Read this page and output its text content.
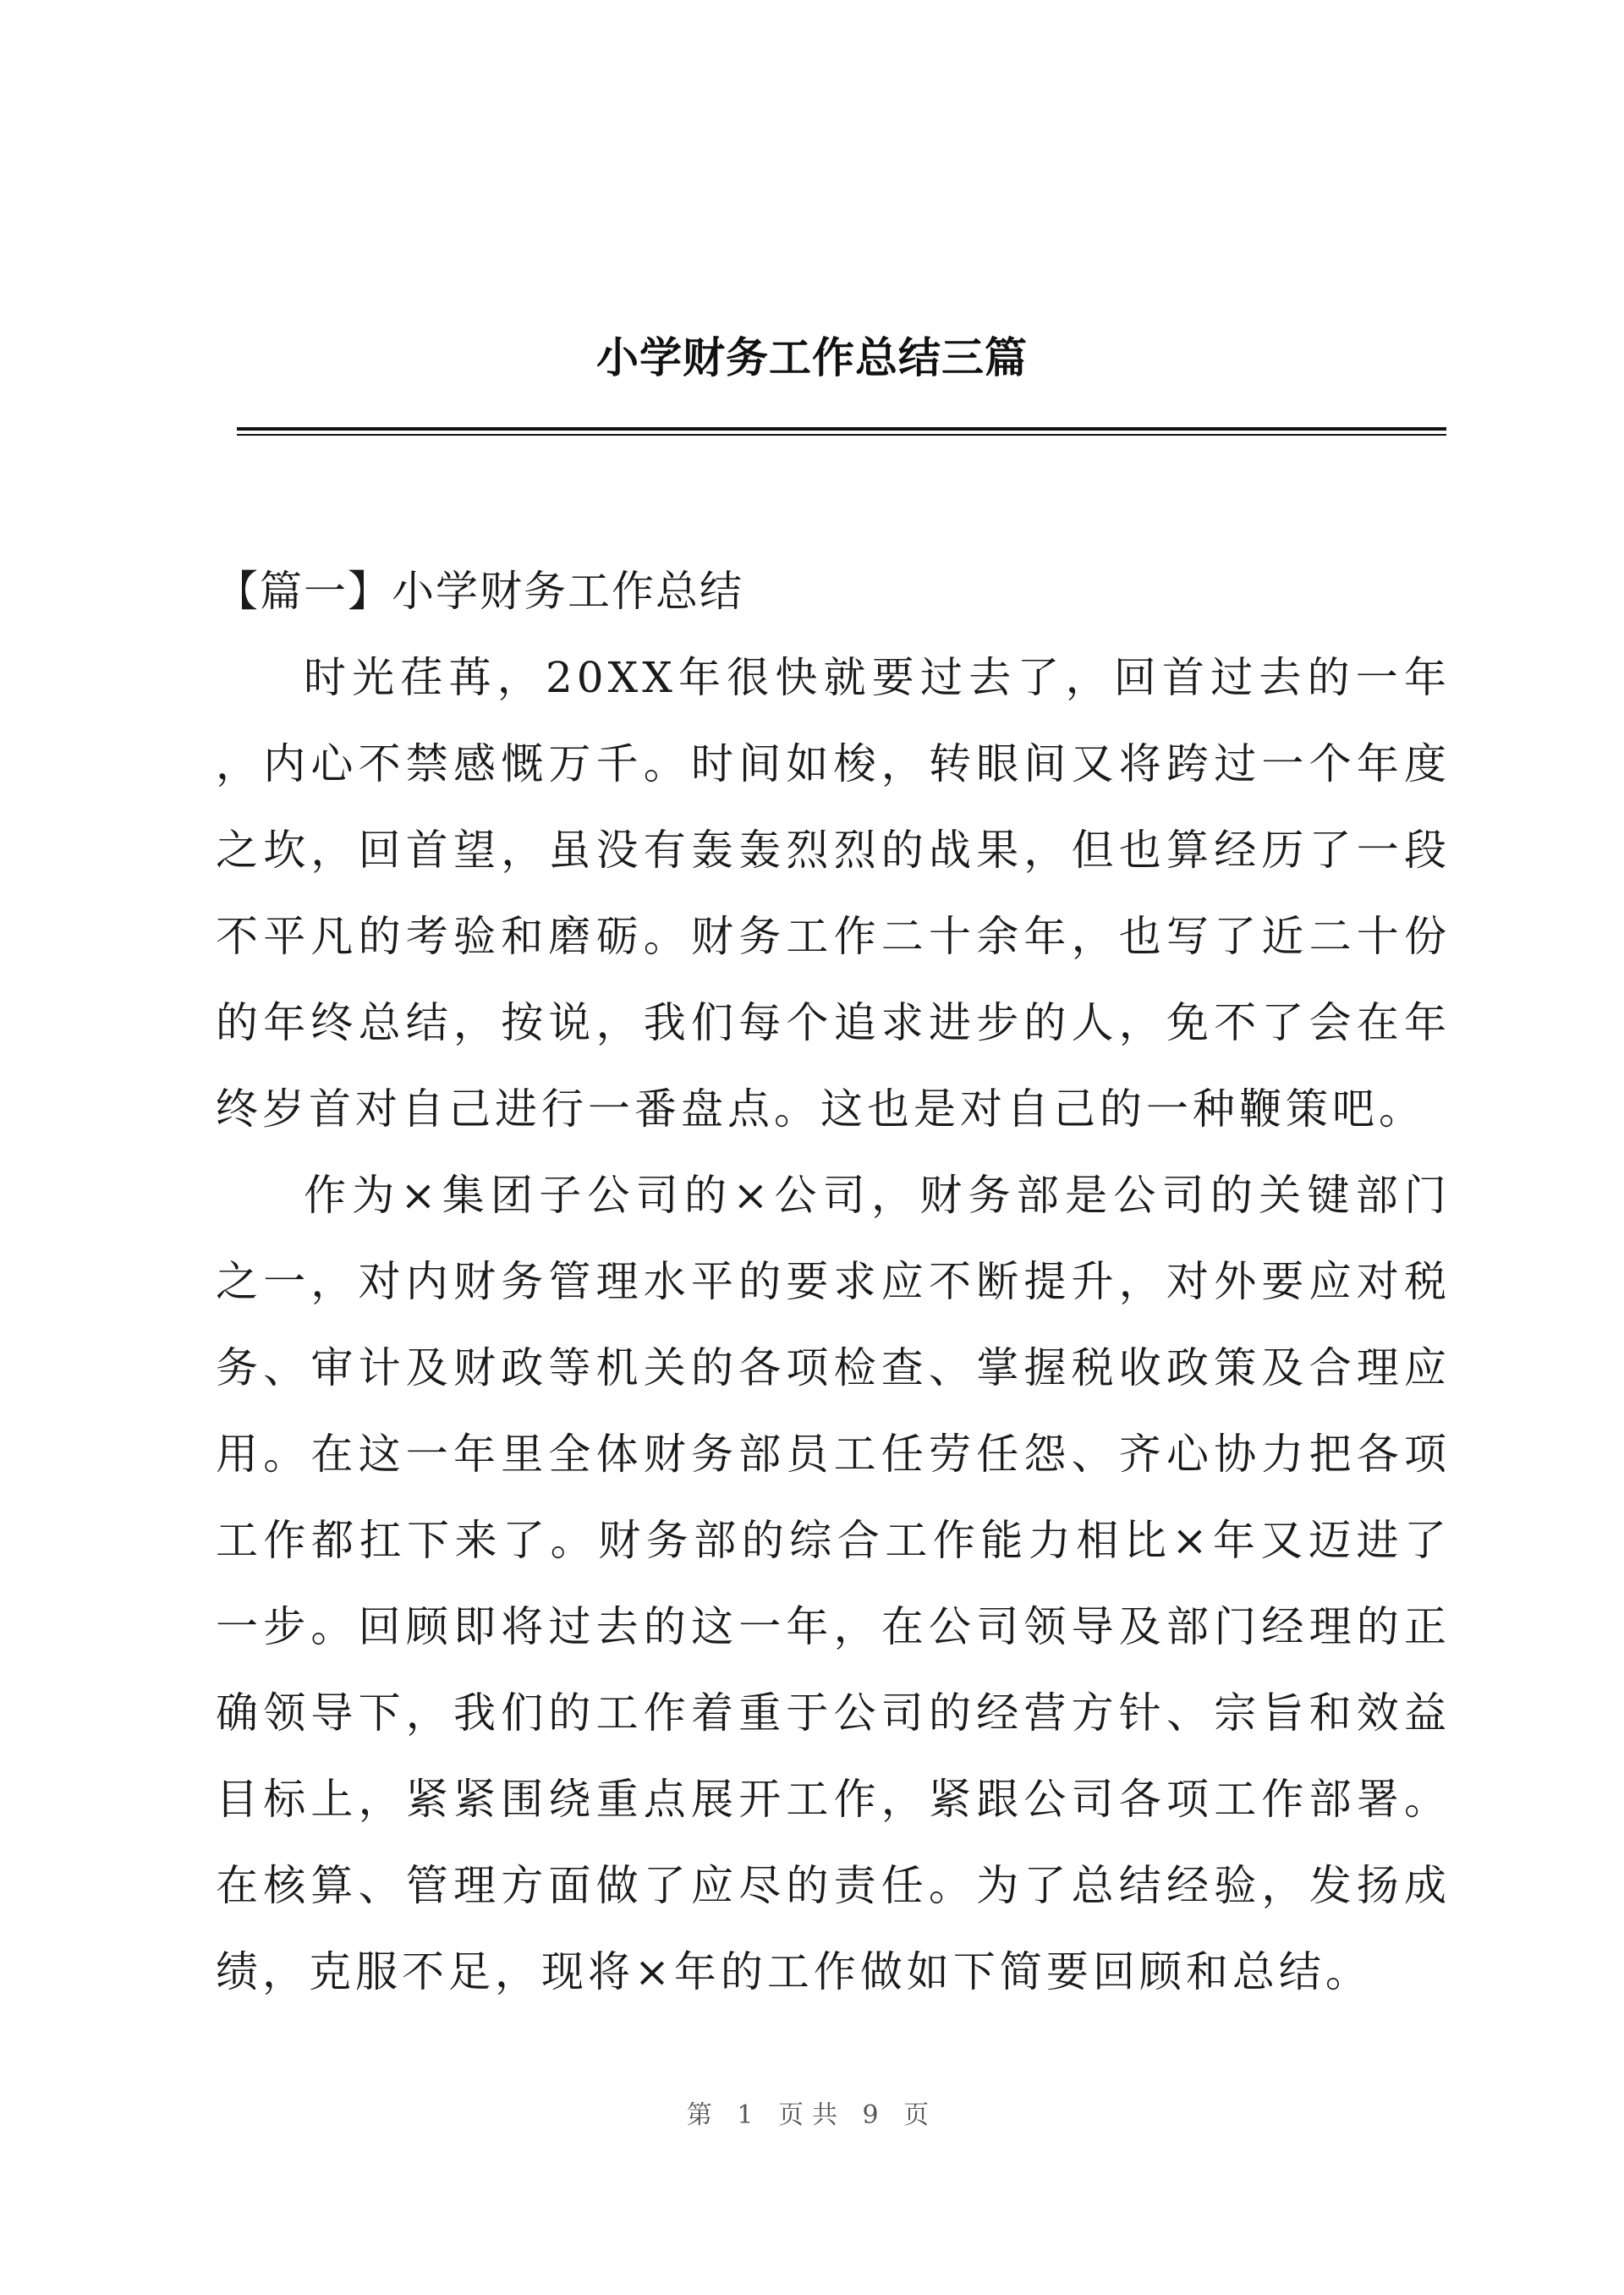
小学财务工作总结三篇

【篇一】小学财务工作总结

时光荏苒，20XX年很快就要过去了，回首过去的一年，内心不禁感慨万千。时间如梭，转眼间又将跨过一个年度之坎，回首望，虽没有轰轰烈烈的战果，但也算经历了一段不平凡的考验和磨砺。财务工作二十余年，也写了近二十份的年终总结，按说，我们每个追求进步的人，免不了会在年终岁首对自己进行一番盘点。这也是对自己的一种鞭策吧。

作为×集团子公司的×公司，财务部是公司的关键部门之一，对内财务管理水平的要求应不断提升，对外要应对税务、审计及财政等机关的各项检查、掌握税收政策及合理应用。在这一年里全体财务部员工任劳任怨、齐心协力把各项工作都扛下来了。财务部的综合工作能力相比×年又迈进了一步。回顾即将过去的这一年，在公司领导及部门经理的正确领导下，我们的工作着重于公司的经营方针、宗旨和效益目标上，紧紧围绕重点展开工作，紧跟公司各项工作部署。在核算、管理方面做了应尽的责任。为了总结经验，发扬成绩，克服不足，现将×年的工作做如下简要回顾和总结。

第 1 页共 9 页
